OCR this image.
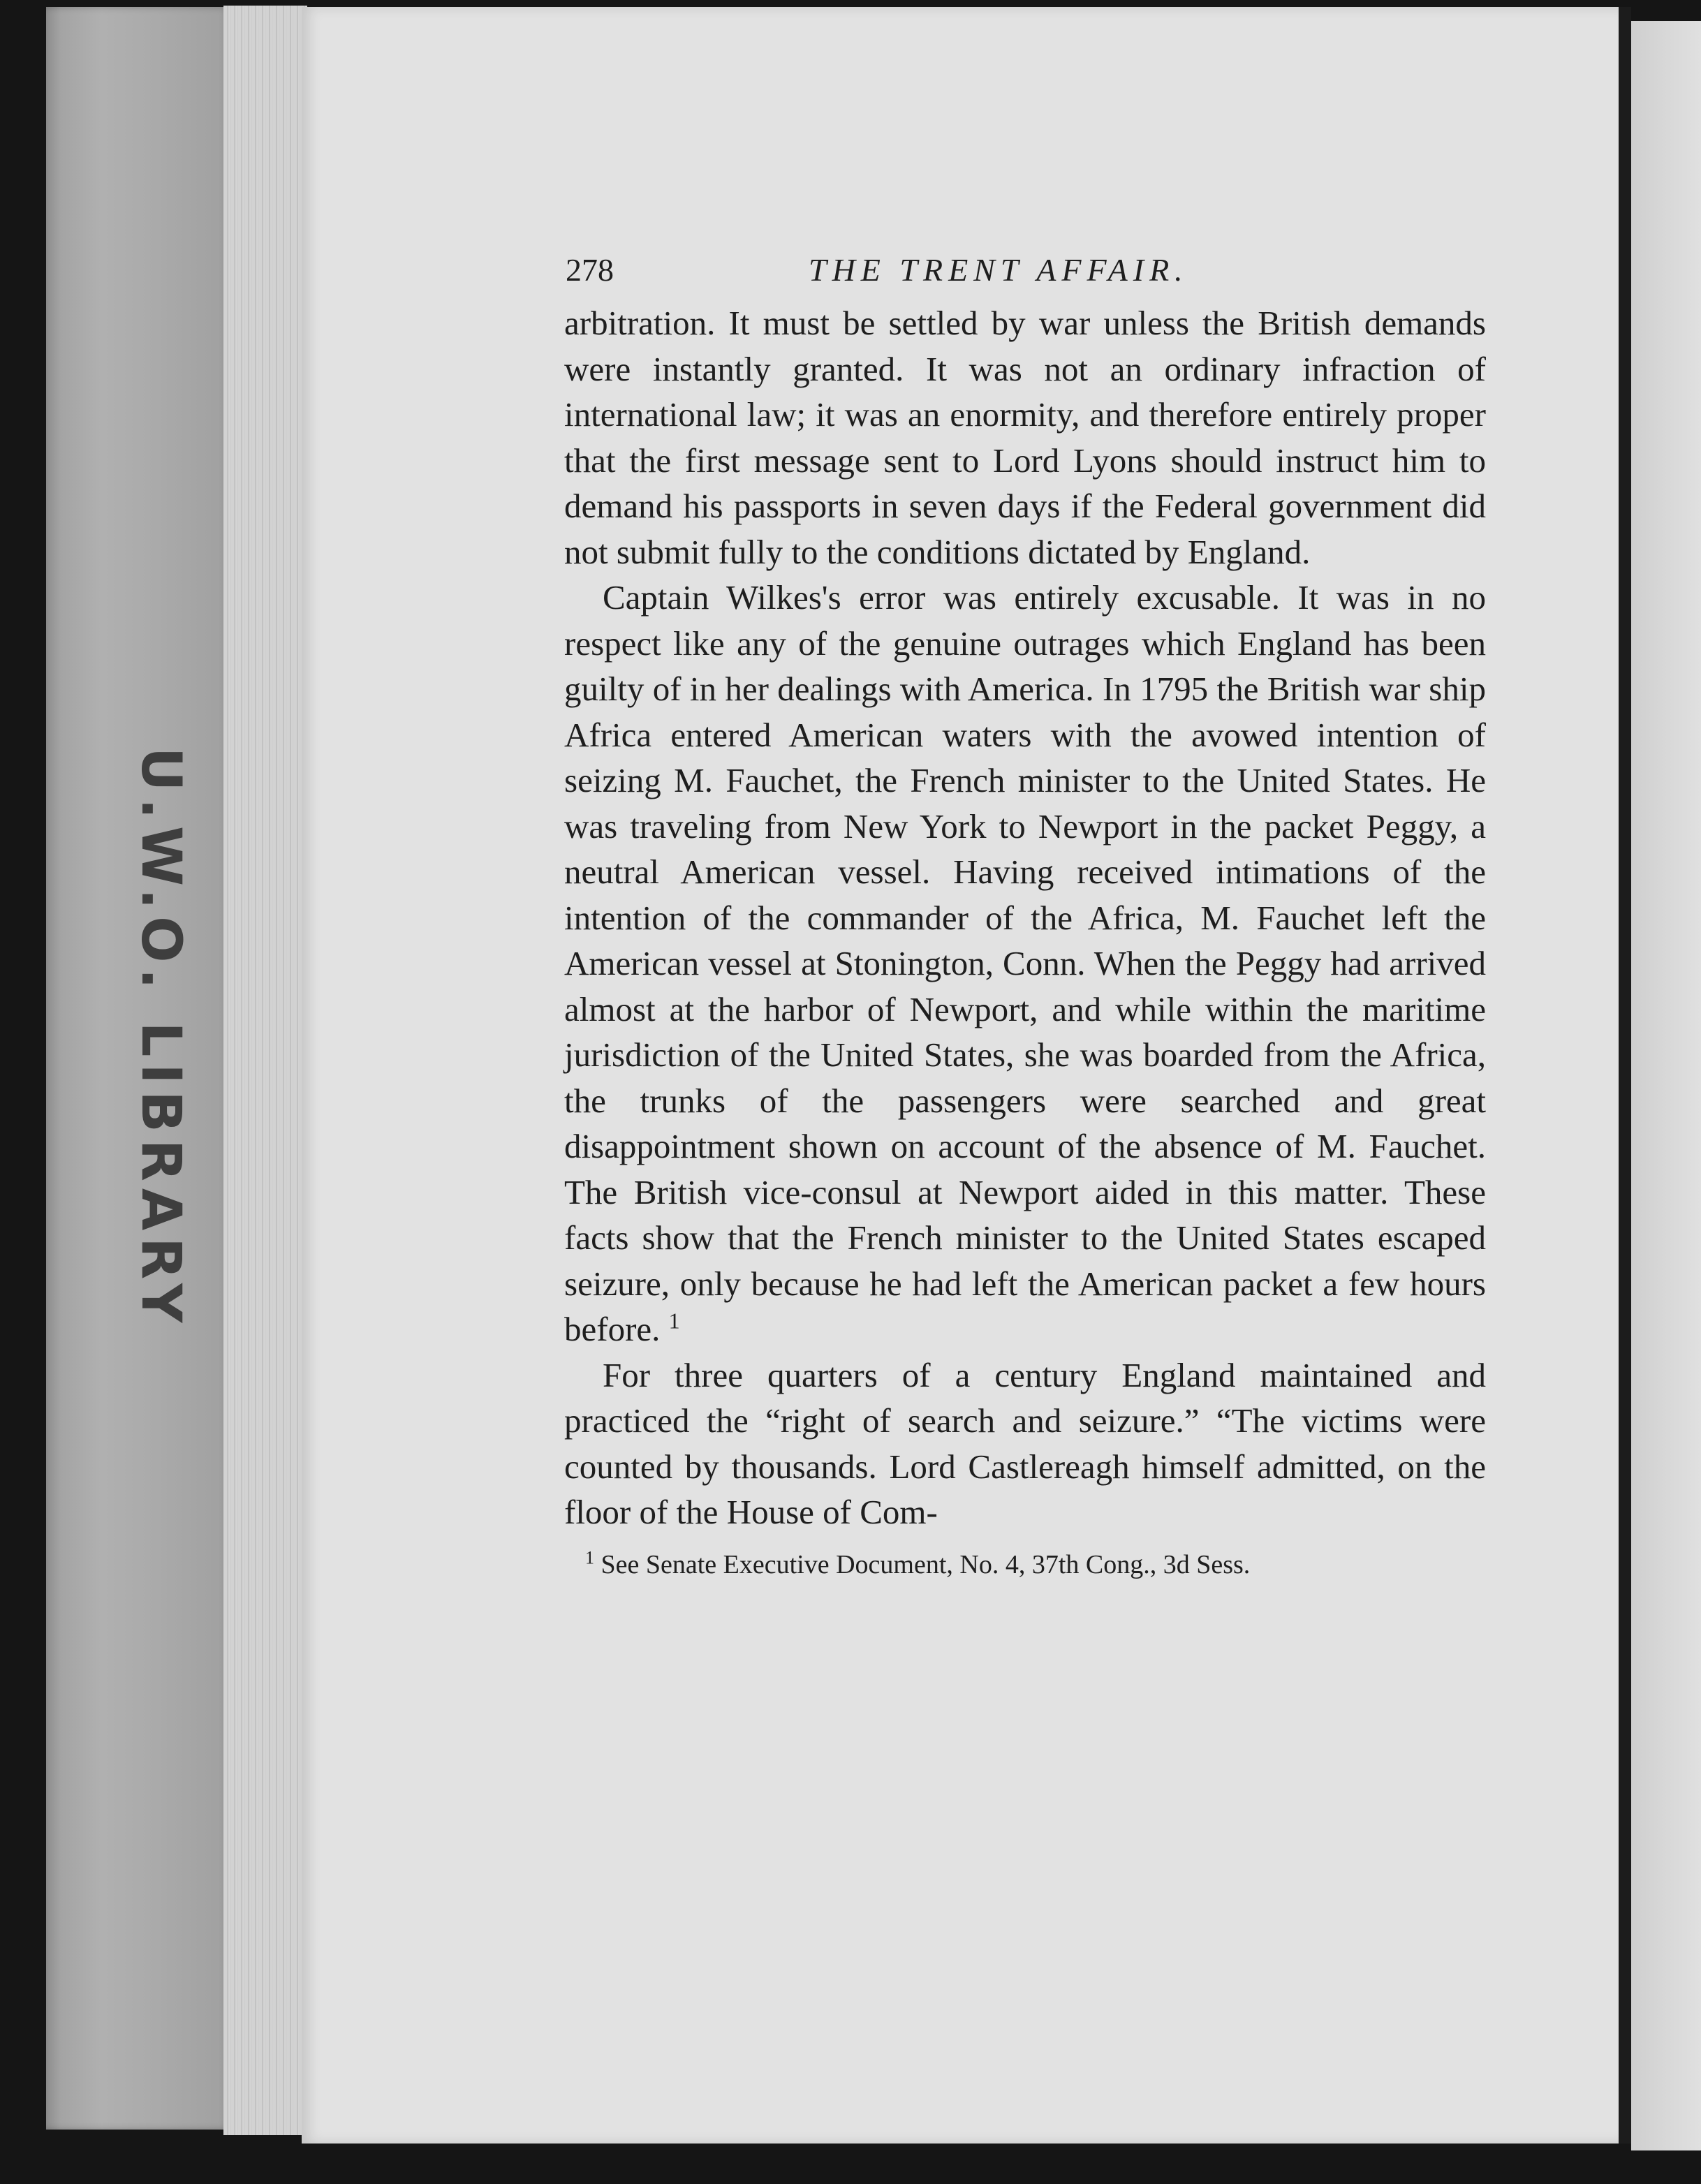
U.W.O. LIBRARY
278	THE TRENT AFFAIR.

arbitration. It must be settled by war unless the British demands were instantly granted. It was not an ordinary infraction of international law; it was an enormity, and therefore entirely proper that the first message sent to Lord Lyons should instruct him to demand his passports in seven days if the Federal government did not submit fully to the conditions dictated by England.

Captain Wilkes's error was entirely excusable. It was in no respect like any of the genuine outrages which England has been guilty of in her dealings with America. In 1795 the British war ship Africa entered American waters with the avowed intention of seizing M. Fauchet, the French minister to the United States. He was traveling from New York to Newport in the packet Peggy, a neutral American vessel. Having received intimations of the intention of the commander of the Africa, M. Fauchet left the American vessel at Stonington, Conn. When the Peggy had arrived almost at the harbor of Newport, and while within the maritime jurisdiction of the United States, she was boarded from the Africa, the trunks of the passengers were searched and great disappointment shown on account of the absence of M. Fauchet. The British vice-consul at Newport aided in this matter. These facts show that the French minister to the United States escaped seizure, only because he had left the American packet a few hours before. $^1$

For three quarters of a century England maintained and practiced the “right of search and seizure.” “The victims were counted by thousands. Lord Castlereagh himself admitted, on the floor of the House of Com-

$^1$ See Senate Executive Document, No. 4, 37th Cong., 3d Sess.
